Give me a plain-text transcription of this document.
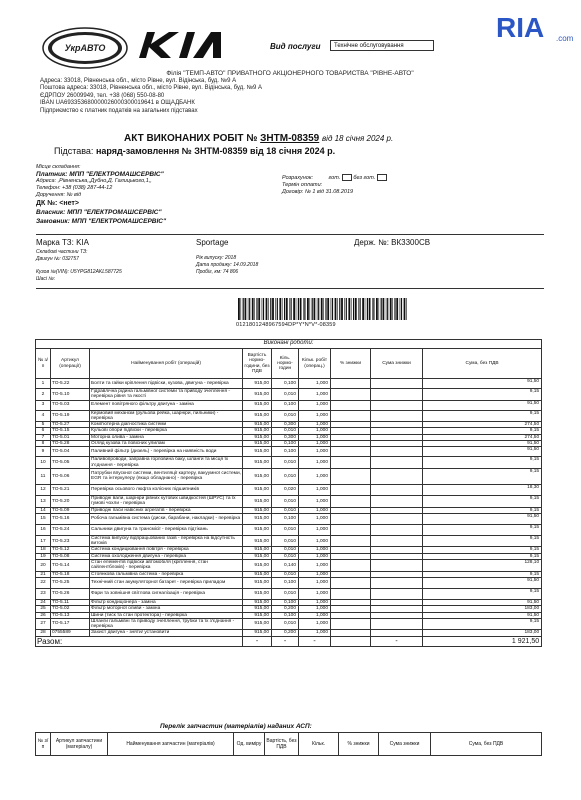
УкрАВТО	Вид послуги	Технічне обслуговування
auto RIA .com
Філія "ТЕМП-АВТО" ПРИВАТНОГО АКЦІОНЕРНОГО ТОВАРИСТВА "РІВНЕ-АВТО"
Адреса: 33018, Рівненська обл., місто Рівне, вул. Відінська, буд. №9 А
Поштова адреса: 33018, Рівненська обл., місто Рівне, вул. Відінська, буд. №9 А
ЄДРПОУ 26009949, тел. +38 (068) 550-08-80
IBAN UA693353680000026000300019641 в ОЩАДБАНК
Підприємство є платник податків на загальних підставах
АКТ ВИКОНАНИХ РОБІТ № ЗНТМ-08359 від 18 січня 2024 р.
Підстава: наряд-замовлення № ЗНТМ-08359 від 18 січня 2024 р.
Місце складання:
Платник: МПП "ЕЛЕКТРОМАШСЕРВІС"
Адреса: ,Рівненська,,Дубно,Д. Галицького,1,,
Телефон: +38 (038) 287-44-12
Доручення: № від
ДК №: <нет>
Власник: МПП "ЕЛЕКТРОМАШСЕРВІС"
Замовник: МПП "ЕЛЕКТРОМАШСЕРВІС"
Розрахунок:	гот. без гот.
Термін оплати:
Договір: № 1 від 31.08.2019
Марка ТЗ: KIA	Sportage	Держ. №: ВК3300СВ
Складові частини ТЗ:
Двигун №: 032757
Кузов №(VIN): U5YPG812AKL587725
Шасі №:
Рік випуску: 2018
Дата продажу: 14.09.2018
Пробіг, км: 74 806
0121801248967594DP*Y*N*V*-08359
Виконані роботи:								
№ з/п	Артикул (операції)	Найменування робіт (операцій)	Вартість нормо-години, без ПДВ	Кіль. нормо-годин	Кільк. робіт (операц.)	% знижки	Сума знижки	Сума, без ПДВ
1	ТО-5.22	Болти та гайки кріплення підвіски, кузова, двигуна - перевірка	915,00	0,100	1,000			91,50
2	ТО-5.10	Гідравлічна рідина гальмівної системи та приводу зчеплення - перевірка рівня та якості	915,00	0,010	1,000			9,15
3	ТО-5.03	Елемент повітряного фільтру двигуна - заміна	915,00	0,100	1,000			91,50
4	ТО-5.19	Кермовий механізм (рульова рейка, шарніри, пильники) - перевірка	915,00	0,010	1,000			9,15
5	ТО-5.27	Комп'ютерна діагностика системи	915,00	0,300	1,000			274,50
6	ТО-5.15	Кульові опори підвіски - перевірка	915,00	0,010	1,000			9,15
7	ТО-5.01	Моторна олива - заміна	915,00	0,300	1,000			274,50
8	ТО-5.28	Огляд кузова та повісних улилам	915,00	0,100	1,000			91,50
9	ТО-5.04	Паливний фільтр (дизель) - перевірка на наявність води	915,00	0,100	1,000			91,50
10	ТО-5.05	Паливопроводи, заправна горловина баку, шланги та місця їх з'єднання - перевірка	915,00	0,010	1,000			9,15
11	ТО-5.06	Патрубки впускної системи, вентиляції картеру, вакуумної системи, EGR та інтеркулеру (якщо обладнано) - перевірка	915,00	0,010	1,000			9,15
12	ТО-5.21	Перевірка осьового люфта колісних підшипників	915,00	0,020	1,000			18,30
13	ТО-5.20	Приводні вали, шарніри рівних кутових швидкостей (ШРУС) та їх гумові чохли - перевірка	915,00	0,010	1,000			9,15
14	ТО-5.09	Приводні паси навісних агрегатів - перевірка	915,00	0,010	1,000			9,15
15	ТО-5.16	Робоча гальмівна система (диски, барабани, накладки) - перевірка	915,00	0,100	1,000			91,50
16	ТО-5.24	Сальники двигуна та трансмісії - перевірка підтікань	915,00	0,010	1,000			9,15
17	ТО-5.23	Система випуску відпрацьованих газів - перевірка на відсутність витоків	915,00	0,010	1,000			9,15
18	ТО-5.12	Система кондиціювання повітря - перевірка	915,00	0,010	1,000			9,15
19	ТО-5.08	Система охолодження двигуна - перевірка	915,00	0,010	1,000			9,15
20	ТО-5.14	Стан елементів підвіски автомобіля (кріплення, стан сайлентблоків) - перевірка	915,00	0,140	1,000			128,10
21	ТО-5.18	Стоянкова гальмівна система - перевірка	915,00	0,010	1,000			9,15
22	ТО-5.25	Технічний стан акумуляторної батареї - перевірка приладом	915,00	0,100	1,000			91,50
23	ТО-5.26	Фари та зовнішня світлова сигналізація - перевірка	915,00	0,010	1,000			9,15
24	ТО-5.11	Фільтр кондиціонера - заміна	915,00	0,100	1,000			91,50
25	ТО-5.02	Фільтр моторної оливи - заміна	915,00	0,200	1,000			183,00
26	ТО-5.13	Шини (тиск та стан протектора) - перевірка	915,00	0,100	1,000			91,50
27	ТО-5.17	Шланги гальмівні та приводу зчеплення, трубки та їх з'єднання - перевірка	915,00	0,010	1,000			9,15
28	0755589	Захист двигуна - зняти/ установити	915,00	0,200	1,000			183,00
Разом:			-	-	-		-	1 921,50
Перелік запчастин (матеріалів) наданих АСП:
№ з/п	Артикул запчастини (матеріалу)	Найменування запчастин (матеріалів)	Од. виміру	Вартість, без ПДВ	Кільк.	% знижки	Сума знижки	Сума, без ПДВ
